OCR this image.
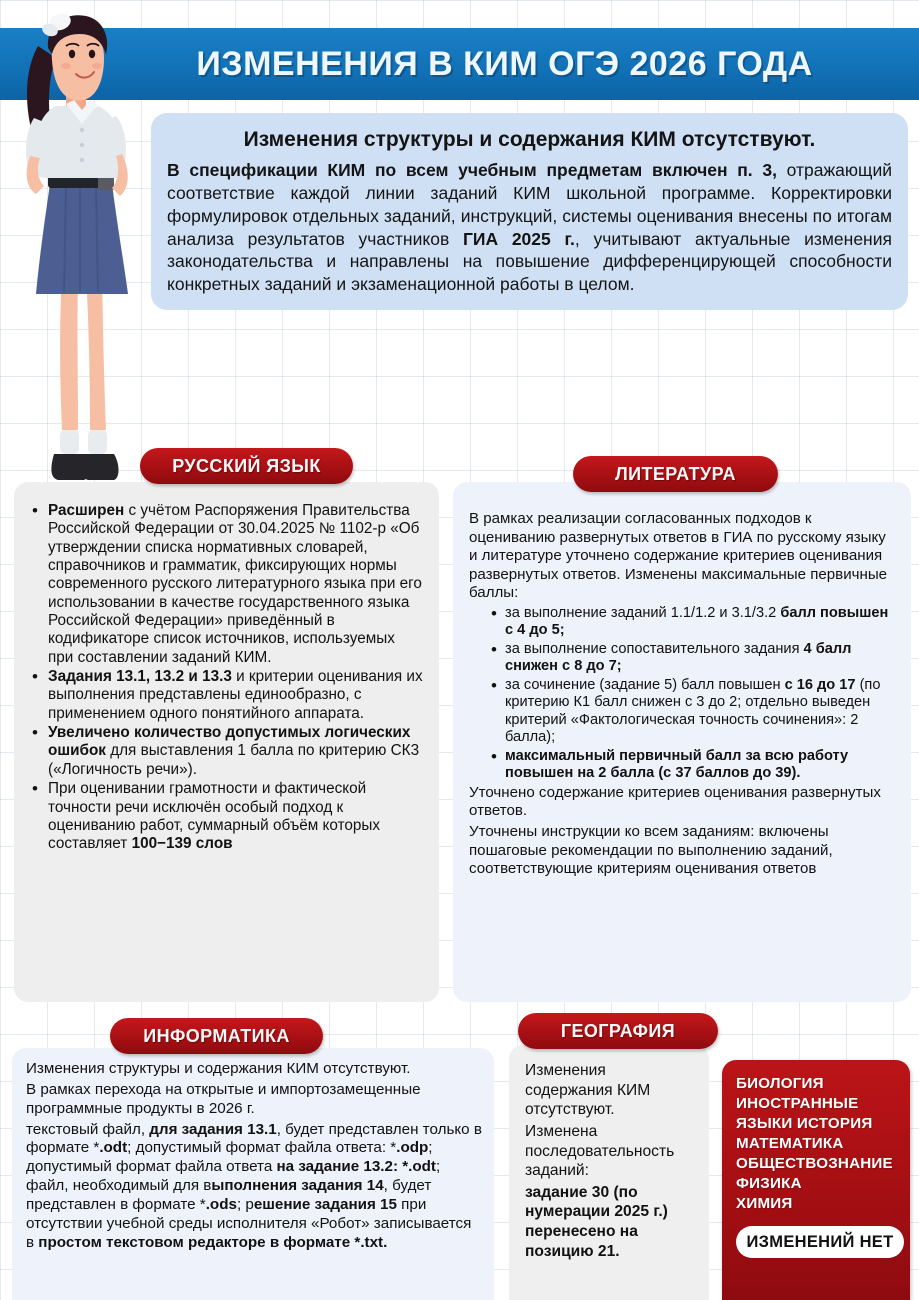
ИЗМЕНЕНИЯ В КИМ ОГЭ 2026 ГОДА
Изменения структуры и содержания КИМ отсутствуют.
В спецификации КИМ по всем учебным предметам включен п. 3, отражающий соответствие каждой линии заданий КИМ школьной программе. Корректировки формулировок отдельных заданий, инструкций, системы оценивания внесены по итогам анализа результатов участников ГИА 2025 г., учитывают актуальные изменения законодательства и направлены на повышение дифференцирующей способности конкретных заданий и экзаменационной работы в целом.
РУССКИЙ ЯЗЫК
• Расширен с учётом Распоряжения Правительства Российской Федерации от 30.04.2025 № 1102-р «Об утверждении списка нормативных словарей, справочников и грамматик, фиксирующих нормы современного русского литературного языка при его использовании в качестве государственного языка Российской Федерации» приведённый в кодификаторе список источников, используемых при составлении заданий КИМ.
• Задания 13.1, 13.2 и 13.3 и критерии оценивания их выполнения представлены единообразно, с применением одного понятийного аппарата.
• Увеличено количество допустимых логических ошибок для выставления 1 балла по критерию СК3 («Логичность речи»).
• При оценивании грамотности и фактической точности речи исключён особый подход к оцениванию работ, суммарный объём которых составляет 100−139 слов
ЛИТЕРАТУРА

В рамках реализации согласованных подходов к оцениванию развернутых ответов в ГИА по русскому языку и литературе уточнено содержание критериев оценивания развернутых ответов. Изменены максимальные первичные баллы:

• за выполнение заданий 1.1/1.2 и 3.1/3.2 балл повышен с 4 до 5;
• за выполнение сопоставительного задания 4 балл снижен с 8 до 7;
• за сочинение (задание 5) балл повышен с 16 до 17 (по критерию К1 балл снижен с 3 до 2; отдельно выведен критерий «Фактологическая точность сочинения»: 2 балла);
• максимальный первичный балл за всю работу повышен на 2 балла (с 37 баллов до 39).

Уточнено содержание критериев оценивания развернутых ответов.

Уточнены инструкции ко всем заданиям: включены пошаговые рекомендации по выполнению заданий, соответствующие критериям оценивания ответов

ИНФОРМАТИКА

Изменения структуры и содержания КИМ отсутствуют.

В рамках перехода на открытые и импортозамещенные программные продукты в 2026 г.

текстовый файл, для задания 13.1, будет представлен только в формате *.odt; допустимый формат файла ответа: *.odp; допустимый формат файла ответа на задание 13.2: *.odt; файл, необходимый для выполнения задания 14, будет представлен в формате *.ods; решение задания 15 при отсутствии учебной среды исполнителя «Робот» записывается в простом текстовом редакторе в формате *.txt.

ГЕОГРАФИЯ

Изменения содержания КИМ отсутствуют.

Изменена последовательность заданий:

задание 30 (по нумерации 2025 г.) перенесено на позицию 21.

БИОЛОГИЯ
ИНОСТРАННЫЕ
ЯЗЫКИ ИСТОРИЯ
МАТЕМАТИКА
ОБЩЕСТВОЗНАНИЕ
ФИЗИКА
ХИМИЯ
ИЗМЕНЕНИЙ НЕТ
